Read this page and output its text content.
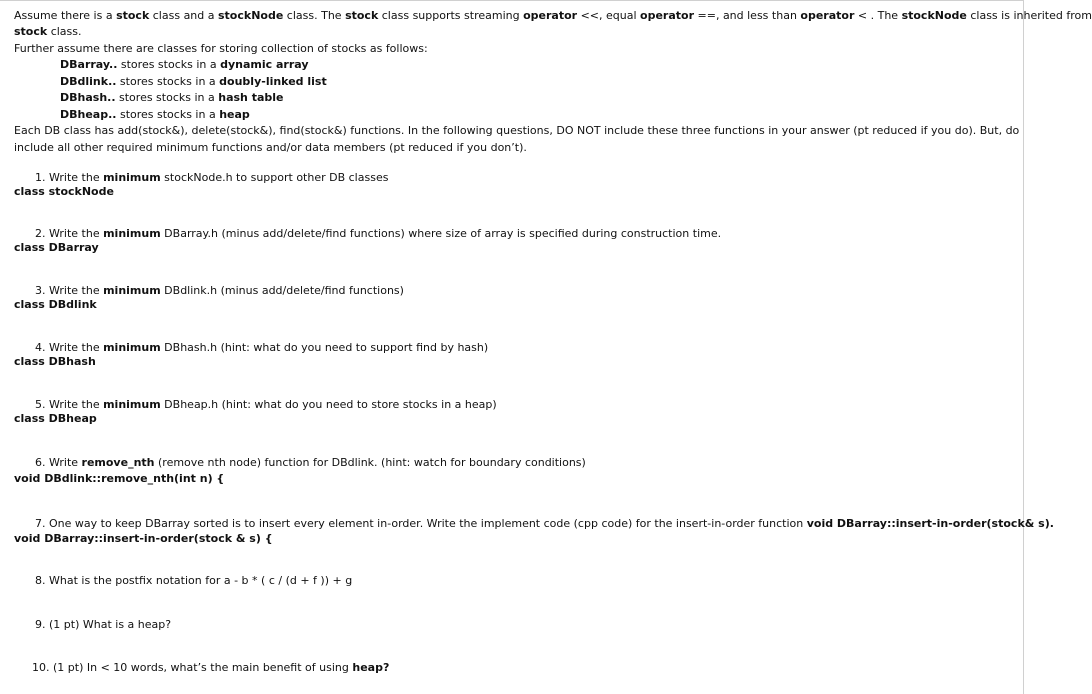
Assume there is a stock class and a stockNode class. The stock class supports streaming operator <<, equal operator ==, and less than operator < . The stockNode class is inherited from
stock class.
Further assume there are classes for storing collection of stocks as follows:
DBarray.. stores stocks in a dynamic array
DBdlink.. stores stocks in a doubly-linked list
DBhash.. stores stocks in a hash table
DBheap.. stores stocks in a heap
Each DB class has add(stock&), delete(stock&), find(stock&) functions. In the following questions, DO NOT include these three functions in your answer (pt reduced if you do). But, do
include all other required minimum functions and/or data members (pt reduced if you don’t).
1. Write the minimum stockNode.h to support other DB classes
class stockNode
2. Write the minimum DBarray.h (minus add/delete/find functions) where size of array is specified during construction time.
class DBarray
3. Write the minimum DBdlink.h (minus add/delete/find functions)
class DBdlink
4. Write the minimum DBhash.h (hint: what do you need to support find by hash)
class DBhash
5. Write the minimum DBheap.h (hint: what do you need to store stocks in a heap)
class DBheap
6. Write remove_nth (remove nth node) function for DBdlink. (hint: watch for boundary conditions)
void DBdlink::remove_nth(int n) {
7. One way to keep DBarray sorted is to insert every element in-order. Write the implement code (cpp code) for the insert-in-order function void DBarray::insert-in-order(stock& s).
void DBarray::insert-in-order(stock & s) {
8. What is the postfix notation for a - b * ( c / (d + f )) + g
9. (1 pt) What is a heap?
10. (1 pt) In < 10 words, what’s the main benefit of using heap?
